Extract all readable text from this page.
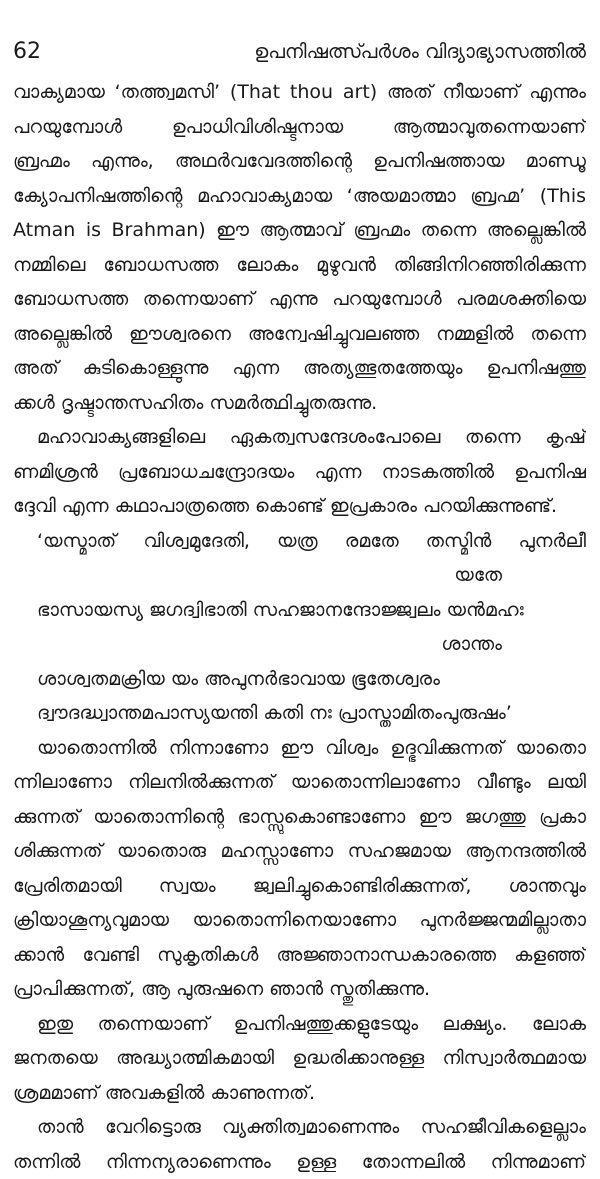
62	ഉപനിഷത്സ്പർശം വിദ്യാഭ്യാസത്തിൽ
വാക്യമായ ‘തത്ത്വമസി’ (That thou art) അത് നീയാണ് എന്നും
പറയുമ്പോൾ ഉപാധിവിശിഷ്ടനായ ആത്മാവുതന്നെയാണ്
ബ്രഹ്മം എന്നും, അഥർവവേദത്തിന്റെ ഉപനിഷത്തായ മാണ്ഡൂ
ക്യോപനിഷത്തിന്റെ മഹാവാക്യമായ ‘അയമാത്മാ ബ്രഹ്മ’ (This
Atman is Brahman) ഈ ആത്മാവ് ബ്രഹ്മം തന്നെ അല്ലെങ്കിൽ
നമ്മിലെ ബോധസത്ത ലോകം മുഴുവൻ തിങ്ങിനിറഞ്ഞിരിക്കുന്ന
ബോധസത്ത തന്നെയാണ് എന്നു പറയുമ്പോൾ പരമശക്തിയെ
അല്ലെങ്കിൽ ഈശ്വരനെ അന്വേഷിച്ചുവലഞ്ഞ നമ്മളിൽ തന്നെ
അത് കുടികൊള്ളുന്നു എന്ന അത്യത്ഭുതത്തേയും ഉപനിഷത്തു
ക്കൾ ദൃഷ്ടാന്തസഹിതം സമർത്ഥിച്ചുതരുന്നു.
മഹാവാക്യങ്ങളിലെ ഏകത്വസന്ദേശംപോലെ തന്നെ കൃഷ്
ണമിശ്രൻ പ്രബോധചന്ദ്രോദയം എന്ന നാടകത്തിൽ ഉപനിഷ
ദ്ദേവി എന്ന കഥാപാത്രത്തെ കൊണ്ട് ഇപ്രകാരം പറയിക്കുന്നുണ്ട്.
‘യസ്മാത് വിശ്വമുദേതി, യത്ര രമതേ തസ്മിൻ പുനർലീ
യതേ
ഭാസായസ്യ ജഗദ്വിഭാതി സഹജാനന്ദോജ്ജ്വലം യൻമഹഃ
ശാന്തം
ശാശ്വതമക്രിയ യം അപുനർഭാവായ ഭൂതേശ്വരം
ദ്വൗദദ്ധ്വാന്തമപാസ്യയന്തി കതി നഃ പ്രാസ്താമിതംപുരുഷം’
യാതൊന്നിൽ നിന്നാണോ ഈ വിശ്വം ഉദ്ഭവിക്കുന്നത് യാതൊ
ന്നിലാണോ നിലനിൽക്കുന്നത് യാതൊന്നിലാണോ വീണ്ടും ലയി
ക്കുന്നത് യാതൊന്നിന്റെ ഭാസ്സുകൊണ്ടാണോ ഈ ജഗത്തു പ്രകാ
ശിക്കുന്നത് യാതൊരു മഹസ്സാണോ സഹജമായ ആനന്ദത്തിൽ
പ്രേരിതമായി സ്വയം ജ്വലിച്ചുകൊണ്ടിരിക്കുന്നത്, ശാന്തവും
ക്രിയാശൂന്യവുമായ യാതൊന്നിനെയാണോ പുനർജ്ജന്മമില്ലാതാ
ക്കാൻ വേണ്ടി സുകൃതികൾ അജ്ഞാനാന്ധകാരത്തെ കളഞ്ഞ്
പ്രാപിക്കുന്നത്, ആ പുരുഷനെ ഞാൻ സ്തുതിക്കുന്നു.
ഇതു തന്നെയാണ് ഉപനിഷത്തുക്കളുടേയും ലക്ഷ്യം. ലോക
ജനതയെ അദ്ധ്യാത്മികമായി ഉദ്ധരിക്കാനുള്ള നിസ്വാർത്ഥമായ
ശ്രമമാണ് അവകളിൽ കാണുന്നത്.
താൻ വേറിട്ടൊരു വ്യക്തിത്വമാണെന്നും സഹജീവികളെല്ലാം
തന്നിൽ നിന്നന്യരാണെന്നും ഉള്ള തോന്നലിൽ നിന്നുമാണ്
